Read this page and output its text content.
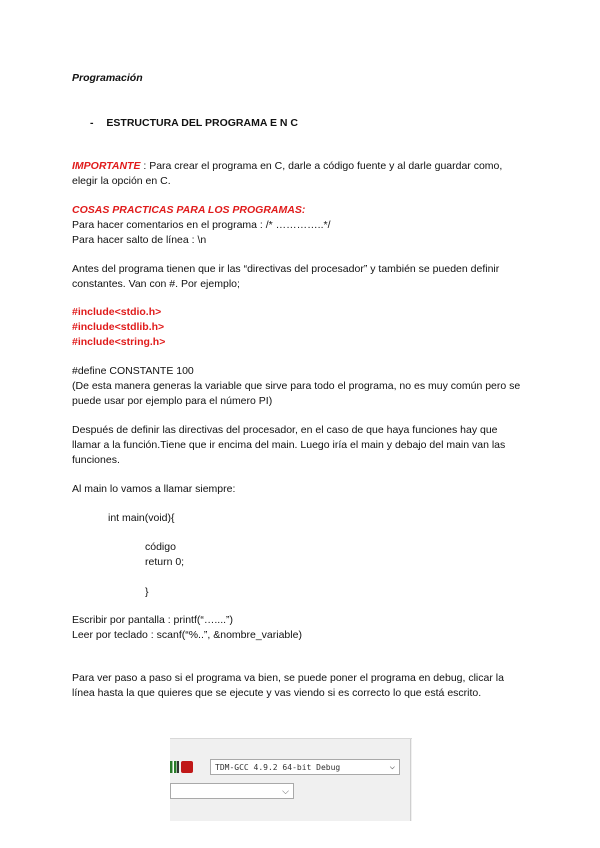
Programación
- ESTRUCTURA DEL PROGRAMA E N C
IMPORTANTE : Para crear el programa en C, darle a código fuente y al darle guardar como, elegir la opción en C.
COSAS PRACTICAS PARA LOS PROGRAMAS:
Para hacer comentarios en el programa : /* …………..*/
Para hacer salto de línea : \n
Antes del programa tienen que ir las “directivas del procesador” y también se pueden definir constantes. Van con #. Por ejemplo;
#include<stdio.h>
#include<stdlib.h>
#include<string.h>
#define CONSTANTE 100
(De esta manera generas la variable que sirve para todo el programa, no es muy común pero se puede usar por ejemplo para el número PI)
Después de definir las directivas del procesador, en el caso de que haya funciones hay que llamar a la función.Tiene que ir encima del main. Luego iría el main y debajo del main van las funciones.
Al main lo vamos a llamar siempre:
int main(void){
código
return 0;
}
Escribir por pantalla : printf(“…....”)
Leer por teclado : scanf(“%..”, &nombre_variable)
Para ver paso a paso si el programa va bien, se puede poner el programa en debug, clicar la línea hasta la que quieres que se ejecute y vas viendo si es correcto lo que está escrito.
TDM-GCC 4.9.2 64-bit Debug	⌵
⌵
